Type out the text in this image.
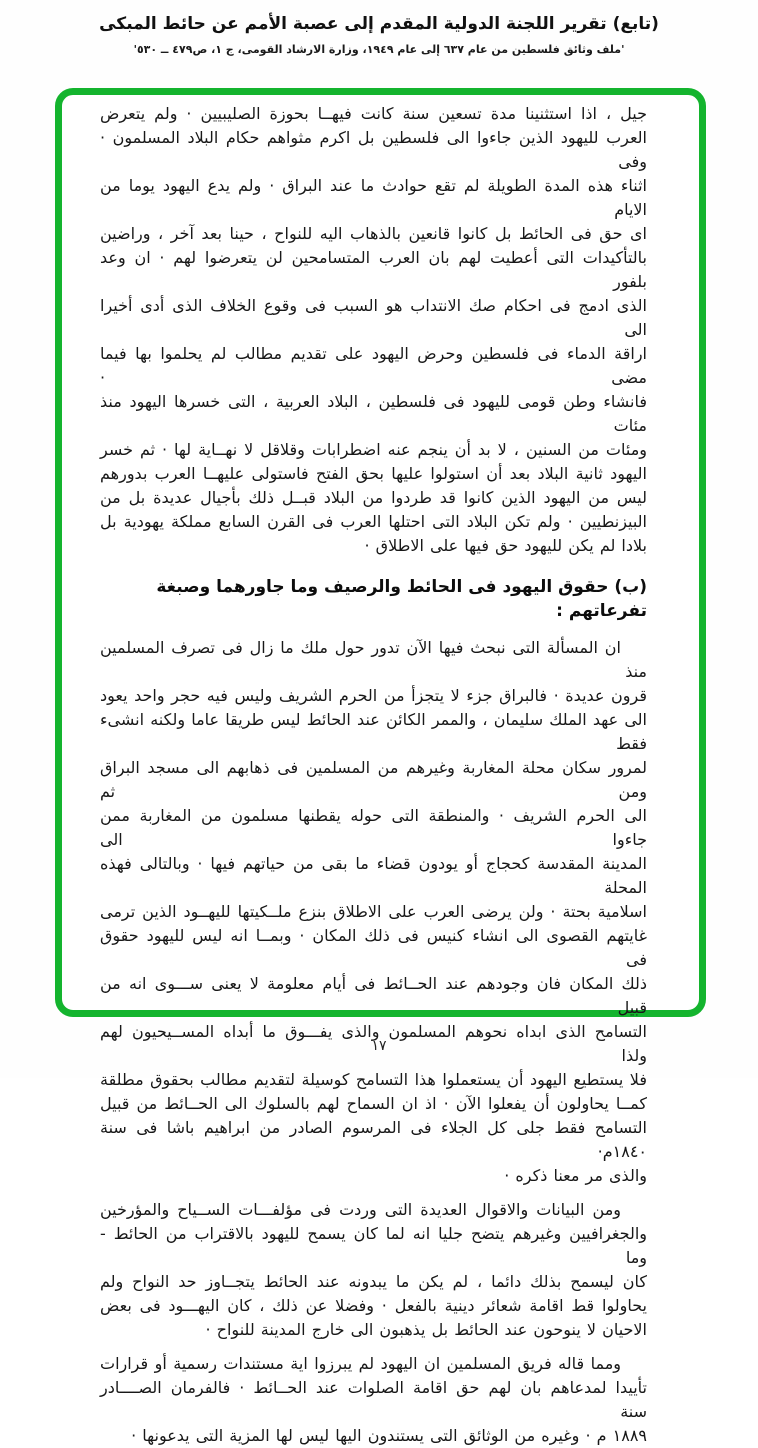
(تابع) تقرير اللجنة الدولية المقدم إلى عصبة الأمم عن حائط المبكى
'ملف وثائق فلسطين من عام ٦٣٧ إلى عام ١٩٤٩، وزارة الارشاد القومى، ج ١، ص٤٧٩ ــ ٥٣٠'
جيل ، اذا استثنينا مدة تسعين سنة كانت فيهــا بحوزة الصليبيين · ولم يتعرض
العرب لليهود الذين جاءوا الى فلسطين بل اكرم مثواهم حكام البلاد المسلمون · وفى
اثناء هذه المدة الطويلة لم تقع حوادث ما عند البراق · ولم يدع اليهود يوما من الايام
اى حق فى الحائط بل كانوا قانعين بالذهاب اليه للنواح ، حينا بعد آخر ، وراضين
بالتأكيدات التى أعطيت لهم بان العرب المتسامحين لن يتعرضوا لهم · ان وعد بلفور
الذى ادمج فى احكام صك الانتداب هو السبب فى وقوع الخلاف الذى أدى أخيرا الى
اراقة الدماء فى فلسطين وحرض اليهود على تقديم مطالب لم يحلموا بها فيما مضى ·
فانشاء وطن قومى لليهود فى فلسطين ، البلاد العربية ، التى خسرها اليهود منذ مئات
ومئات من السنين ، لا بد أن ينجم عنه اضطرابات وقلاقل لا نهــاية لها · ثم خسر
اليهود ثانية البلاد بعد أن استولوا عليها بحق الفتح فاستولى عليهــا العرب بدورهم
ليس من اليهود الذين كانوا قد طردوا من البلاد قبــل ذلك بأجيال عديدة بل من
البيزنطيين · ولم تكن البلاد التى احتلها العرب فى القرن السابع مملكة يهودية بل
بلادا لم يكن لليهود حق فيها على الاطلاق ·
(ب) حقوق اليهود فى الحائط والرصيف وما جاورهما وصبغة تفرعاتهم :
ان المسألة التى نبحث فيها الآن تدور حول ملك ما زال فى تصرف المسلمين منذ
قرون عديدة · فالبراق جزء لا يتجزأ من الحرم الشريف وليس فيه حجر واحد يعود
الى عهد الملك سليمان ، والممر الكائن عند الحائط ليس طريقا عاما ولكنه انشىء فقط
لمرور سكان محلة المغاربة وغيرهم من المسلمين فى ذهابهم الى مسجد البراق ومن ثم
الى الحرم الشريف · والمنطقة التى حوله يقطنها مسلمون من المغاربة ممن جاءوا الى
المدينة المقدسة كحجاج أو يودون قضاء ما بقى من حياتهم فيها · وبالتالى فهذه المحلة
اسلامية بحتة · ولن يرضى العرب على الاطلاق بنزع ملــكيتها لليهــود الذين ترمى
غايتهم القصوى الى انشاء كنيس فى ذلك المكان · وبمــا انه ليس لليهود حقوق فى
ذلك المكان فان وجودهم عند الحــائط فى أيام معلومة لا يعنى ســـوى انه من قبيل
التسامح الذى ابداه نحوهم المسلمون والذى يفـــوق ما أبداه المســيحيون لهم ولذا
فلا يستطيع اليهود أن يستعملوا هذا التسامح كوسيلة لتقديم مطالب بحقوق مطلقة
كمــا يحاولون أن يفعلوا الآن · اذ ان السماح لهم بالسلوك الى الحــائط من قبيل
التسامح فقط جلى كل الجلاء فى المرسوم الصادر من ابراهيم باشا فى سنة ١٨٤٠م·
والذى مر معنا ذكره ·
ومن البيانات والاقوال العديدة التى وردت فى مؤلفـــات الســياح والمؤرخين
والجغرافيين وغيرهم يتضح جليا انه لما كان يسمح لليهود بالاقتراب من الحائط - وما
كان ليسمح بذلك دائما ، لم يكن ما يبدونه عند الحائط يتجــاوز حد النواح ولم
يحاولوا قط اقامة شعائر دينية بالفعل · وفضلا عن ذلك ، كان اليهـــود فى بعض
الاحيان لا ينوحون عند الحائط بل يذهبون الى خارج المدينة للنواح ·
ومما قاله فريق المسلمين ان اليهود لم يبرزوا اية مستندات رسمية أو قرارات
تأييدا لمدعاهم بان لهم حق اقامة الصلوات عند الحــائط · فالفرمان الصــــادر سنة
١٨٨٩ م · وغيره من الوثائق التى يستندون اليها ليس لها المزية التى يدعونها ·
١٧
